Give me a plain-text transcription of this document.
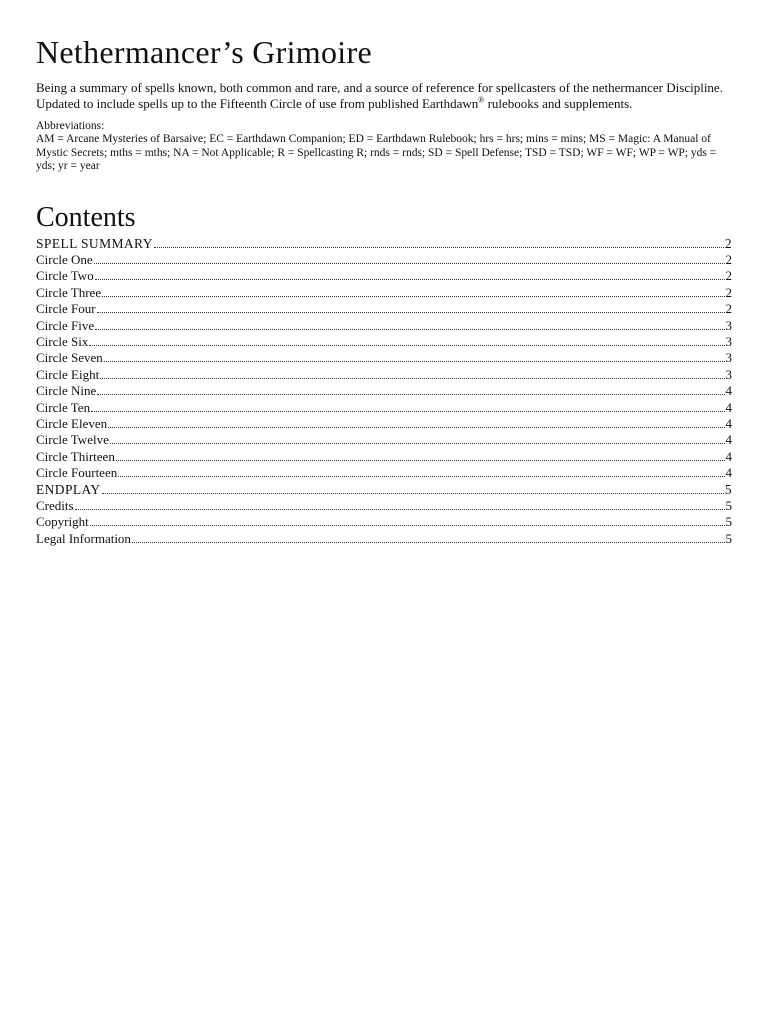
Nethermancer’s Grimoire

Being a summary of spells known, both common and rare, and a source of reference for spellcasters of the nethermancer Discipline. Updated to include spells up to the Fifteenth Circle of use from published Earthdawn® rulebooks and supplements.

Abbreviations:

AM = Arcane Mysteries of Barsaive; EC = Earthdawn Companion; ED = Earthdawn Rulebook; hrs = hrs; mins = mins; MS = Magic: A Manual of Mystic Secrets; mths = mths; NA = Not Applicable; R = Spellcasting R; rnds = rnds; SD = Spell Defense; TSD = TSD; WF = WF; WP = WP; yds = yds; yr = year

Contents
SPELL SUMMARY	2
Circle One	2
Circle Two	2
Circle Three	2
Circle Four	2
Circle Five	3
Circle Six	3
Circle Seven	3
Circle Eight	3
Circle Nine	4
Circle Ten	4
Circle Eleven	4
Circle Twelve	4
Circle Thirteen	4
Circle Fourteen	4
ENDPLAY	5
Credits	5
Copyright	5
Legal Information	5
